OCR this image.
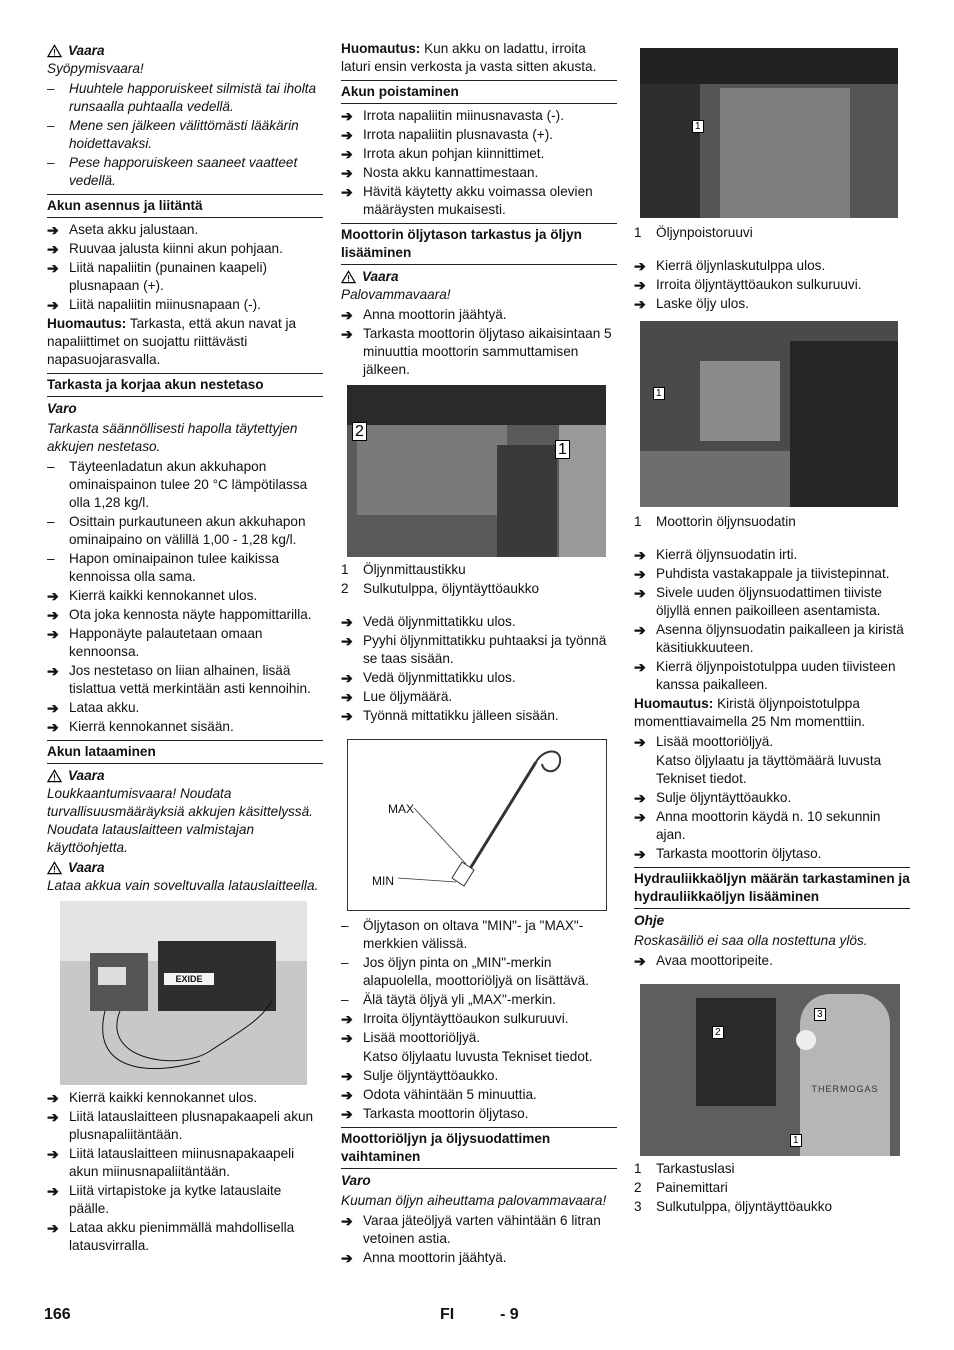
Vaara
Syöpymisvaara!
–	Huuhtele happoruiskeet silmistä tai iholta runsaalla puhtaalla vedellä.
–	Mene sen jälkeen välittömästi lääkärin hoidettavaksi.
–	Pese happoruiskeen saaneet vaatteet vedellä.
Akun asennus ja liitäntä
➔ Aseta akku jalustaan.
➔ Ruuvaa jalusta kiinni akun pohjaan.
➔ Liitä napaliitin (punainen kaapeli) plusnapaan (+).
➔ Liitä napaliitin miinusnapaan (-).
Huomautus: Tarkasta, että akun navat ja napaliittimet on suojattu riittävästi napasuojarasvalla.
Tarkasta ja korjaa akun nestetaso
Varo
Tarkasta säännöllisesti hapolla täytettyjen akkujen nestetaso.
–	Täyteenladatun akun akkuhapon ominaispainon tulee 20 °C lämpötilassa olla 1,28 kg/l.
–	Osittain purkautuneen akun akkuhapon ominaipaino on välillä 1,00 - 1,28 kg/l.
–	Hapon ominaipainon tulee kaikissa kennoissa olla sama.
➔ Kierrä kaikki kennokannet ulos.
➔ Ota joka kennosta näyte happomittarilla.
➔ Happonäyte palautetaan omaan kennoonsa.
➔ Jos nestetaso on liian alhainen, lisää tislattua vettä merkintään asti kennoihin.
➔ Lataa akku.
➔ Kierrä kennokannet sisään.
Akun lataaminen
Vaara
Loukkaantumisvaara! Noudata turvallisuusmääräyksiä akkujen käsittelyssä. Noudata latauslaitteen valmistajan käyttöohjetta.
Vaara
Lataa akkua vain soveltuvalla latauslaitteella.
EXIDE
➔ Kierrä kaikki kennokannet ulos.
➔ Liitä latauslaitteen plusnapakaapeli akun plusnapaliitäntään.
➔ Liitä latauslaitteen miinusnapakaapeli akun miinusnapaliitäntään.
➔ Liitä virtapistoke ja kytke latauslaite päälle.
➔ Lataa akku pienimmällä mahdollisella latausvirralla.
Huomautus: Kun akku on ladattu, irroita laturi ensin verkosta ja vasta sitten akusta.
Akun poistaminen
➔ Irrota napaliitin miinusnavasta (-).
➔ Irrota napaliitin plusnavasta (+).
➔ Irrota akun pohjan kiinnittimet.
➔ Nosta akku kannattimestaan.
➔ Hävitä käytetty akku voimassa olevien määräysten mukaisesti.
Moottorin öljytason tarkastus ja öljyn lisääminen
Vaara
Palovammavaara!
➔ Anna moottorin jäähtyä.
➔ Tarkasta moottorin öljytaso aikaisintaan 5 minuuttia moottorin sammuttamisen jälkeen.
2
1
1	Öljynmittaustikku
2	Sulkutulppa, öljyntäyttöaukko
➔ Vedä öljynmittatikku ulos.
➔ Pyyhi öljynmittatikku puhtaaksi ja työnnä se taas sisään.
➔ Vedä öljynmittatikku ulos.
➔ Lue öljymäärä.
➔ Työnnä mittatikku jälleen sisään.
MAX
MIN
–	Öljytason on oltava "MIN"- ja "MAX"-merkkien välissä.
–	Jos öljyn pinta on „MIN"-merkin alapuolella, moottoriöljyä on lisättävä.
–	Älä täytä öljyä yli „MAX"-merkin.
➔ Irroita öljyntäyttöaukon sulkuruuvi.
➔ Lisää moottoriöljyä.
Katso öljylaatu luvusta Tekniset tiedot.
➔ Sulje öljyntäyttöaukko.
➔ Odota vähintään 5 minuuttia.
➔ Tarkasta moottorin öljytaso.
Moottoriöljyn ja öljysuodattimen vaihtaminen
Varo
Kuuman öljyn aiheuttama palovammavaara!
➔ Varaa jäteöljyä varten vähintään 6 litran vetoinen astia.
➔ Anna moottorin jäähtyä.
1
1	Öljynpoistoruuvi
➔ Kierrä öljynlaskutulppa ulos.
➔ Irroita öljyntäyttöaukon sulkuruuvi.
➔ Laske öljy ulos.
1
1	Moottorin öljynsuodatin
➔ Kierrä öljynsuodatin irti.
➔ Puhdista vastakappale ja tiivistepinnat.
➔ Sivele uuden öljynsuodattimen tiiviste öljyllä ennen paikoilleen asentamista.
➔ Asenna öljynsuodatin paikalleen ja kiristä käsitiukkuuteen.
➔ Kierrä öljynpoistotulppa uuden tiivisteen kanssa paikalleen.
Huomautus: Kiristä öljynpoistotulppa momenttiavaimella 25 Nm momenttiin.
➔ Lisää moottoriöljyä.
Katso öljylaatu ja täyttömäärä luvusta Tekniset tiedot.
➔ Sulje öljyntäyttöaukko.
➔ Anna moottorin käydä n. 10 sekunnin ajan.
➔ Tarkasta moottorin öljytaso.
Hydrauliikkaöljyn määrän tarkastaminen ja hydrauliikkaöljyn lisääminen
Ohje
Roskasäiliö ei saa olla nostettuna ylös.
➔ Avaa moottoripeite.
THERMOGAS
3
2
1
1	Tarkastuslasi
2	Painemittari
3	Sulkutulppa, öljyntäyttöaukko
166	FI	- 9
